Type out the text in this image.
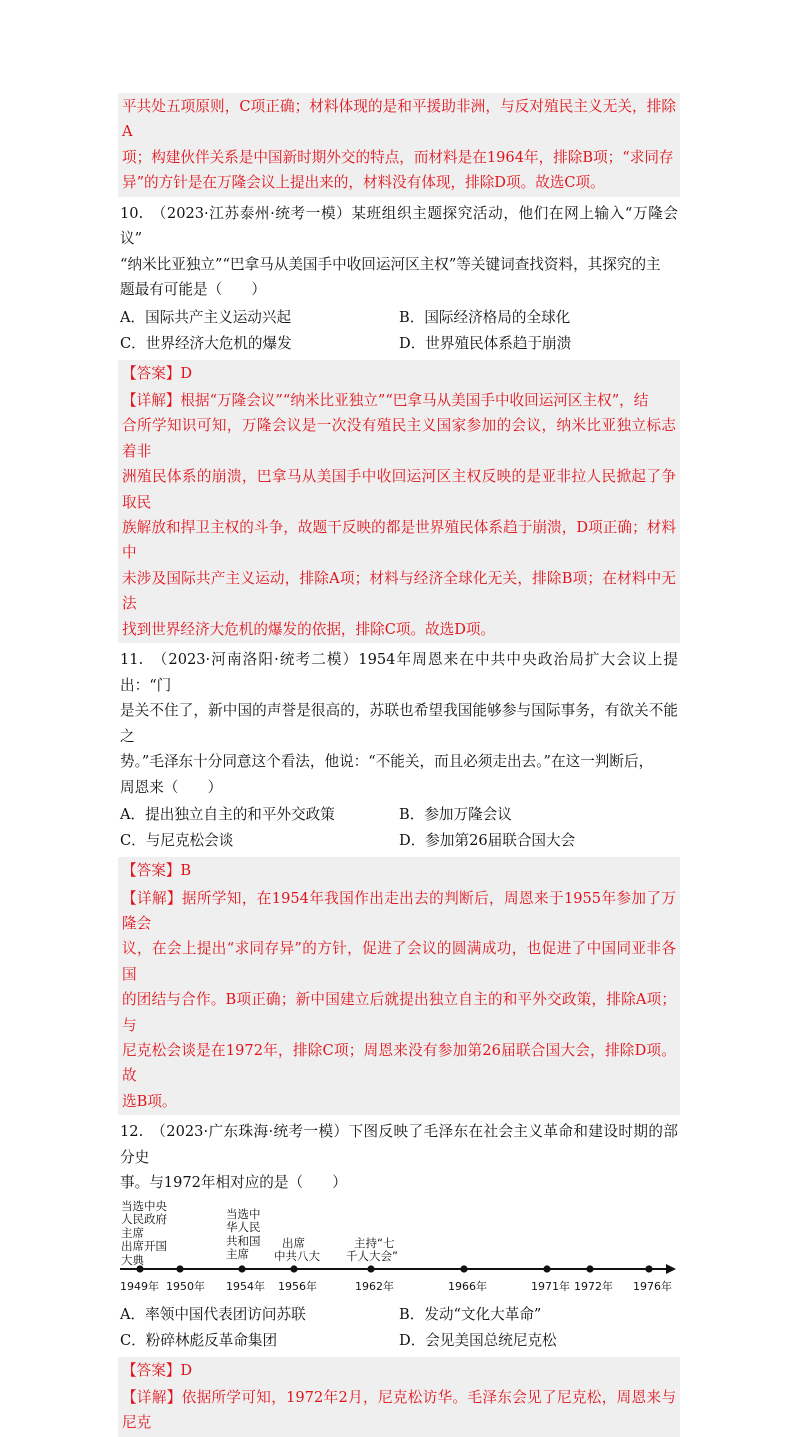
平共处五项原则，C项正确；材料体现的是和平援助非洲，与反对殖民主义无关，排除A
项；构建伙伴关系是中国新时期外交的特点，而材料是在1964年，排除B项；“求同存
异”的方针是在万隆会议上提出来的，材料没有体现，排除D项。故选C项。
10.　（2023·江苏泰州·统考一模）某班组织主题探究活动，他们在网上输入“万隆会议”
“纳米比亚独立”“巴拿马从美国手中收回运河区主权”等关键词查找资料，其探究的主
题最有可能是（　　）
A．国际共产主义运动兴起	B．国际经济格局的全球化
C．世界经济大危机的爆发	D．世界殖民体系趋于崩溃
【答案】D
【详解】根据“万隆会议”“纳米比亚独立”“巴拿马从美国手中收回运河区主权”，结
合所学知识可知，万隆会议是一次没有殖民主义国家参加的会议，纳米比亚独立标志着非
洲殖民体系的崩溃，巴拿马从美国手中收回运河区主权反映的是亚非拉人民掀起了争取民
族解放和捍卫主权的斗争，故题干反映的都是世界殖民体系趋于崩溃，D项正确；材料中
未涉及国际共产主义运动，排除A项；材料与经济全球化无关，排除B项；在材料中无法
找到世界经济大危机的爆发的依据，排除C项。故选D项。
11.　（2023·河南洛阳·统考二模）1954年周恩来在中共中央政治局扩大会议上提出：“门
是关不住了，新中国的声誉是很高的，苏联也希望我国能够参与国际事务，有欲关不能之
势。”毛泽东十分同意这个看法，他说：“不能关，而且必须走出去。”在这一判断后，
周恩来（　　）
A．提出独立自主的和平外交政策	B．参加万隆会议
C．与尼克松会谈	D．参加第26届联合国大会
【答案】B
【详解】据所学知，在1954年我国作出走出去的判断后，周恩来于1955年参加了万隆会
议，在会上提出“求同存异”的方针，促进了会议的圆满成功，也促进了中国同亚非各国
的团结与合作。B项正确；新中国建立后就提出独立自主的和平外交政策，排除A项；与
尼克松会谈是在1972年，排除C项；周恩来没有参加第26届联合国大会，排除D项。故
选B项。
12.　（2023·广东珠海·统考一模）下图反映了毛泽东在社会主义革命和建设时期的部分史
事。与1972年相对应的是（　　）
当选中央
人民政府
主席
出席开国
大典
当选中
华人民
共和国
主席
出席
中共八大
主持“七
千人大会”
1949年 1950年 1954年 1956年	1962年	1966年	1971年 1972年 1976年
A．率领中国代表团访问苏联	B．发动“文化大革命”
C．粉碎林彪反革命集团	D．会见美国总统尼克松
【答案】D
【详解】依据所学可知，1972年2月，尼克松访华。毛泽东会见了尼克松，周恩来与尼克
